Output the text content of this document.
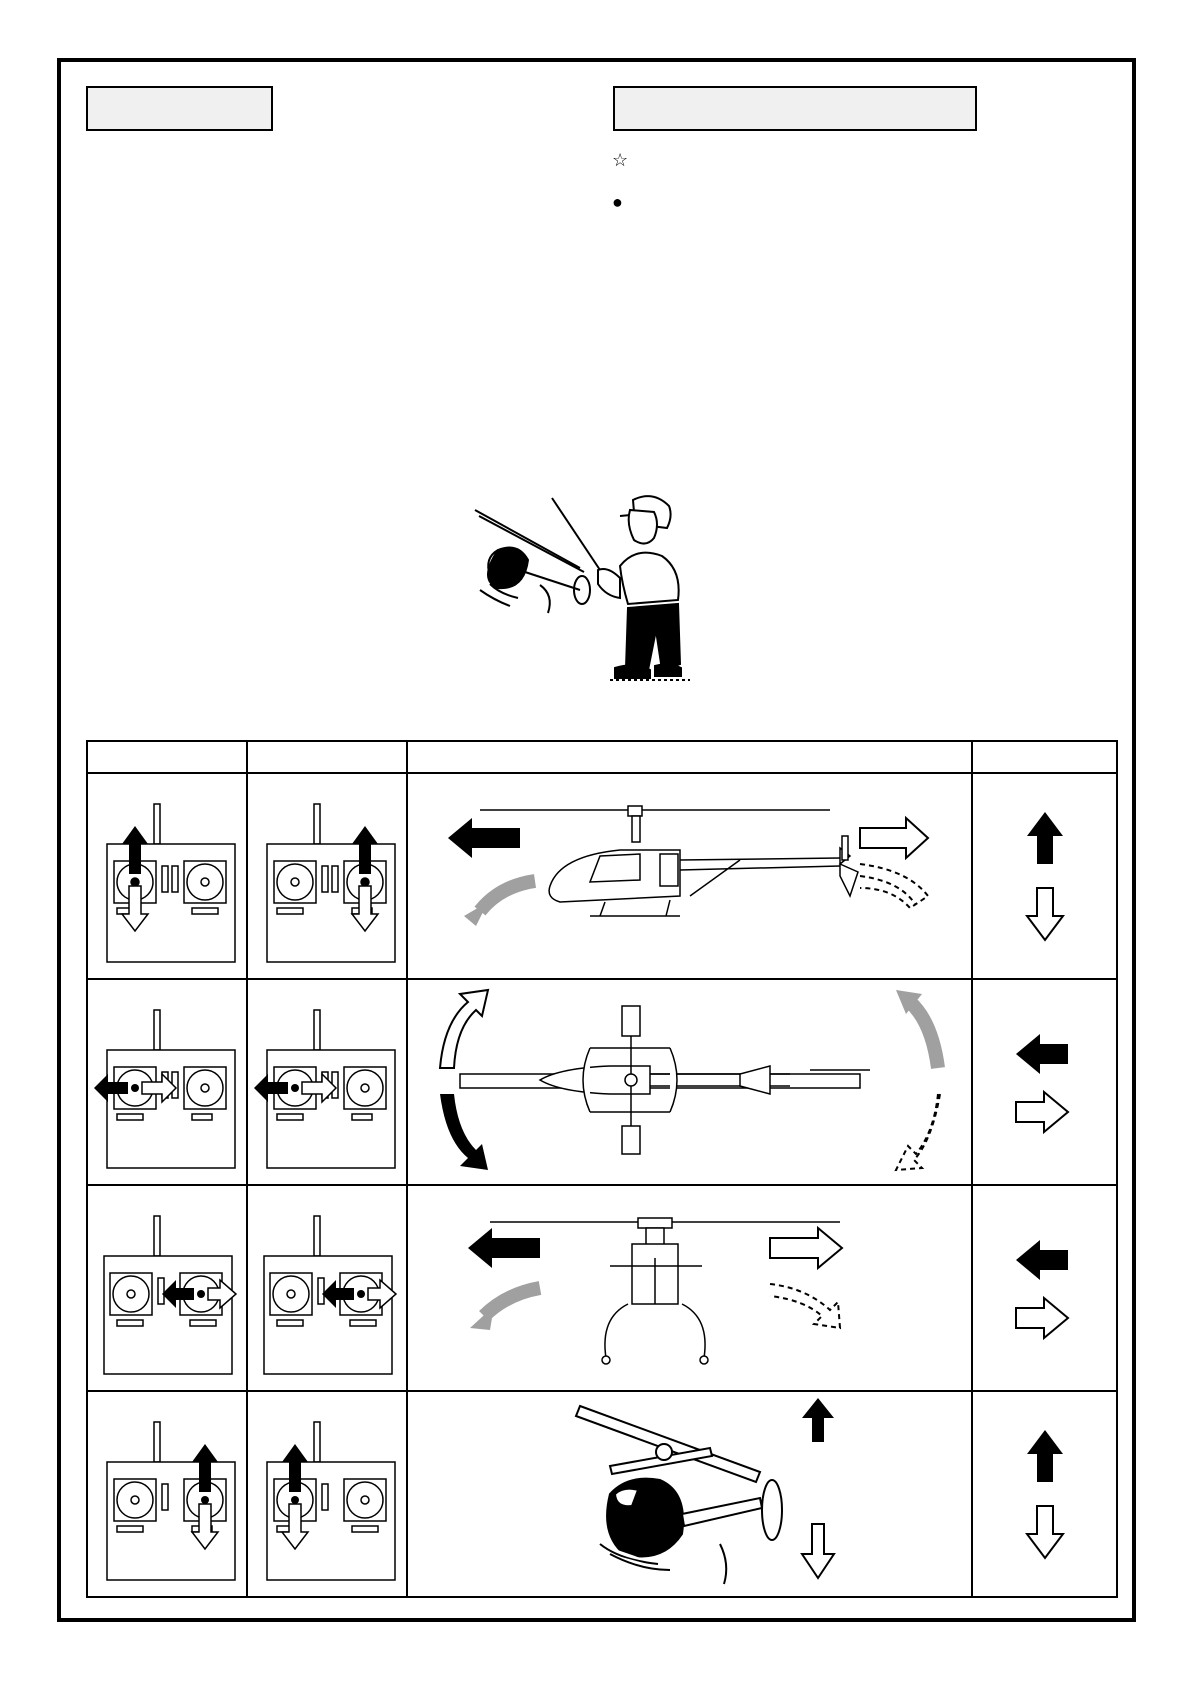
☆
●
